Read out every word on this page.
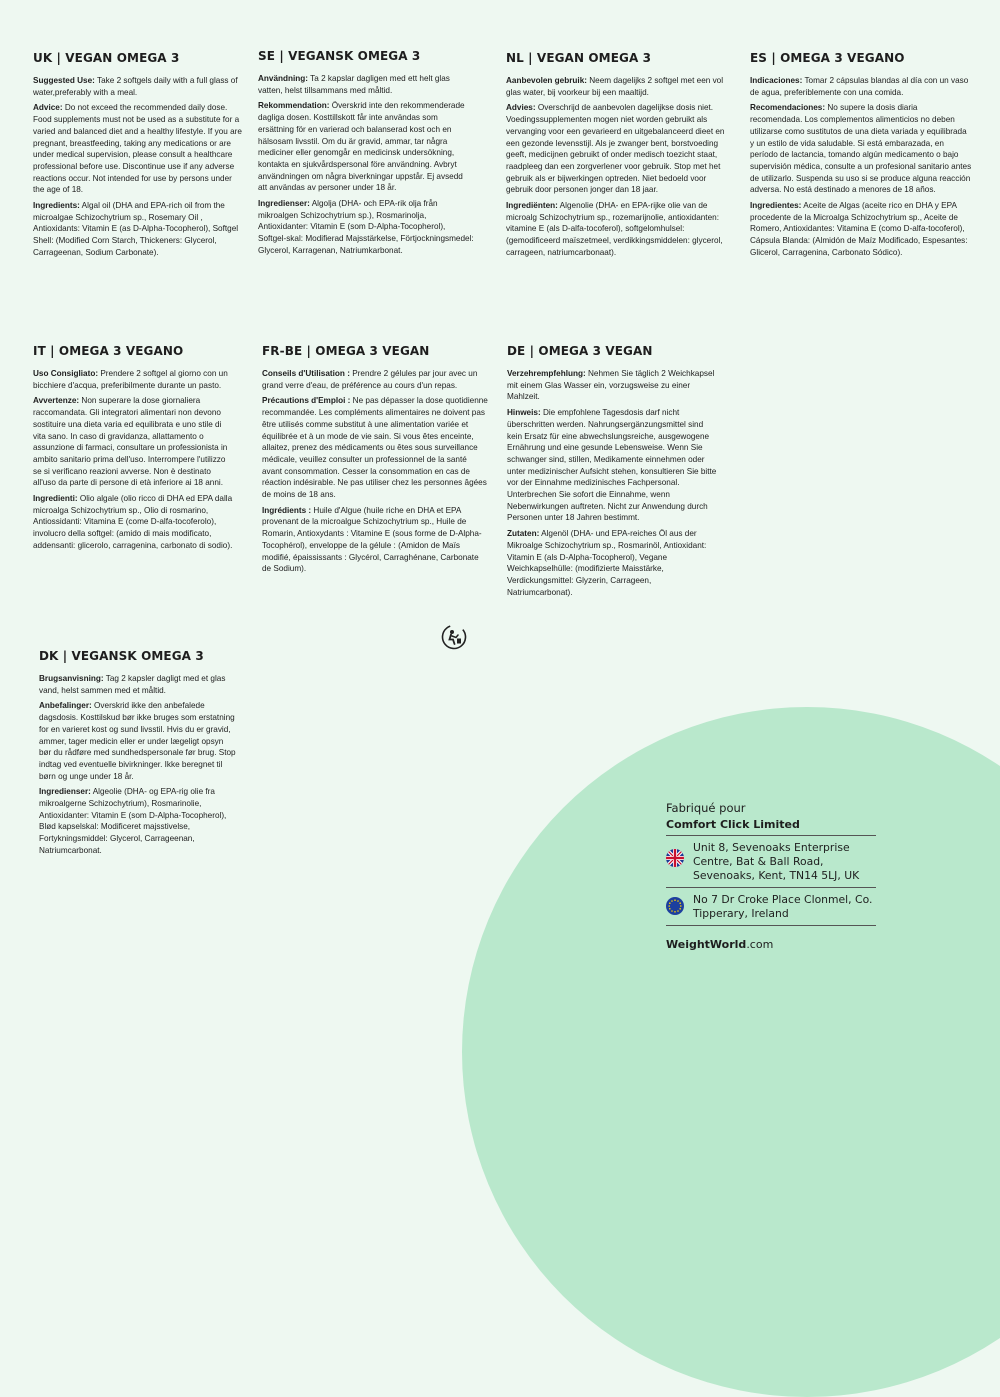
UK | VEGAN OMEGA 3

Suggested Use: Take 2 softgels daily with a full glass of water,preferably with a meal.

Advice: Do not exceed the recommended daily dose. Food supplements must not be used as a substitute for a varied and balanced diet and a healthy lifestyle. If you are pregnant, breastfeeding, taking any medications or are under medical supervision, please consult a healthcare professional before use. Discontinue use if any adverse reactions occur. Not intended for use by persons under the age of 18.

Ingredients: Algal oil (DHA and EPA-rich oil from the microalgae Schizochytrium sp., Rosemary Oil , Antioxidants: Vitamin E (as D-Alpha-Tocopherol), Softgel Shell: (Modified Corn Starch, Thickeners: Glycerol, Carrageenan, Sodium Carbonate).

SE | VEGANSK OMEGA 3

Användning: Ta 2 kapslar dagligen med ett helt glas vatten, helst tillsammans med måltid.

Rekommendation: Överskrid inte den rekommenderade dagliga dosen. Kosttillskott får inte användas som ersättning för en varierad och balanserad kost och en hälsosam livsstil. Om du är gravid, ammar, tar några mediciner eller genomgår en medicinsk undersökning, kontakta en sjukvårdspersonal före användning. Avbryt användningen om några biverkningar uppstår. Ej avsedd att användas av personer under 18 år.

Ingredienser: Algolja (DHA- och EPA-rik olja från mikroalgen Schizochytrium sp.), Rosmarinolja, Antioxidanter: Vitamin E (som D-Alpha-Tocopherol), Softgel-skal: Modifierad Majsstärkelse, Förtjockningsmedel: Glycerol, Karragenan, Natriumkarbonat.

NL | VEGAN OMEGA 3

Aanbevolen gebruik: Neem dagelijks 2 softgel met een vol glas water, bij voorkeur bij een maaltijd.

Advies: Overschrijd de aanbevolen dagelijkse dosis niet. Voedingssupplementen mogen niet worden gebruikt als vervanging voor een gevarieerd en uitgebalanceerd dieet en een gezonde levensstijl. Als je zwanger bent, borstvoeding geeft, medicijnen gebruikt of onder medisch toezicht staat, raadpleeg dan een zorgverlener voor gebruik. Stop met het gebruik als er bijwerkingen optreden. Niet bedoeld voor gebruik door personen jonger dan 18 jaar.

Ingrediënten: Algenolie (DHA- en EPA-rijke olie van de microalg Schizochytrium sp., rozemarijnolie, antioxidanten: vitamine E (als D-alfa-tocoferol), softgelomhulsel: (gemodificeerd maïszetmeel, verdikkingsmiddelen: glycerol, carrageen, natriumcarbonaat).

ES | OMEGA 3 VEGANO

Indicaciones: Tomar 2 cápsulas blandas al día con un vaso de agua, preferiblemente con una comida.

Recomendaciones: No supere la dosis diaria recomendada. Los complementos alimenticios no deben utilizarse como sustitutos de una dieta variada y equilibrada y un estilo de vida saludable. Si está embarazada, en período de lactancia, tomando algún medicamento o bajo supervisión médica, consulte a un profesional sanitario antes de utilizarlo. Suspenda su uso si se produce alguna reacción adversa. No está destinado a menores de 18 años.

Ingredientes: Aceite de Algas (aceite rico en DHA y EPA procedente de la Microalga Schizochytrium sp., Aceite de Romero, Antioxidantes: Vitamina E (como D-alfa-tocoferol), Cápsula Blanda: (Almidón de Maíz Modificado, Espesantes: Glicerol, Carragenina, Carbonato Sódico).

IT | OMEGA 3 VEGANO

Uso Consigliato: Prendere 2 softgel al giorno con un bicchiere d'acqua, preferibilmente durante un pasto.

Avvertenze: Non superare la dose giornaliera raccomandata. Gli integratori alimentari non devono sostituire una dieta varia ed equilibrata e uno stile di vita sano. In caso di gravidanza, allattamento o assunzione di farmaci, consultare un professionista in ambito sanitario prima dell'uso. Interrompere l'utilizzo se si verificano reazioni avverse. Non è destinato all'uso da parte di persone di età inferiore ai 18 anni.

Ingredienti: Olio algale (olio ricco di DHA ed EPA dalla microalga Schizochytrium sp., Olio di rosmarino, Antiossidanti: Vitamina E (come D-alfa-tocoferolo), involucro della softgel: (amido di mais modificato, addensanti: glicerolo, carragenina, carbonato di sodio).

FR-BE | OMEGA 3 VEGAN

Conseils d'Utilisation : Prendre 2 gélules par jour avec un grand verre d'eau, de préférence au cours d'un repas.

Précautions d'Emploi : Ne pas dépasser la dose quotidienne recommandée. Les compléments alimentaires ne doivent pas être utilisés comme substitut à une alimentation variée et équilibrée et à un mode de vie sain. Si vous êtes enceinte, allaitez, prenez des médicaments ou êtes sous surveillance médicale, veuillez consulter un professionnel de la santé avant consommation. Cesser la consommation en cas de réaction indésirable. Ne pas utiliser chez les personnes âgées de moins de 18 ans.

Ingrédients : Huile d'Algue (huile riche en DHA et EPA provenant de la microalgue Schizochytrium sp., Huile de Romarin, Antioxydants : Vitamine E (sous forme de D-Alpha-Tocophérol), enveloppe de la gélule : (Amidon de Maïs modifié, épaississants : Glycérol, Carraghénane, Carbonate de Sodium).

DE | OMEGA 3 VEGAN

Verzehrempfehlung: Nehmen Sie täglich 2 Weichkapsel mit einem Glas Wasser ein, vorzugsweise zu einer Mahlzeit.

Hinweis: Die empfohlene Tagesdosis darf nicht überschritten werden. Nahrungsergänzungsmittel sind kein Ersatz für eine abwechslungsreiche, ausgewogene Ernährung und eine gesunde Lebensweise. Wenn Sie schwanger sind, stillen, Medikamente einnehmen oder unter medizinischer Aufsicht stehen, konsultieren Sie bitte vor der Einnahme medizinisches Fachpersonal. Unterbrechen Sie sofort die Einnahme, wenn Nebenwirkungen auftreten. Nicht zur Anwendung durch Personen unter 18 Jahren bestimmt.

Zutaten: Algenöl (DHA- und EPA-reiches Öl aus der Mikroalge Schizochytrium sp., Rosmarinöl, Antioxidant: Vitamin E (als D-Alpha-Tocopherol), Vegane Weichkapselhülle: (modifizierte Maisstärke, Verdickungsmittel: Glyzerin, Carrageen, Natriumcarbonat).

DK | VEGANSK OMEGA 3

Brugsanvisning: Tag 2 kapsler dagligt med et glas vand, helst sammen med et måltid.

Anbefalinger: Overskrid ikke den anbefalede dagsdosis. Kosttilskud bør ikke bruges som erstatning for en varieret kost og sund livsstil. Hvis du er gravid, ammer, tager medicin eller er under lægeligt opsyn bør du rådføre med sundhedspersonale før brug. Stop indtag ved eventuelle bivirkninger. Ikke beregnet til børn og unge under 18 år.

Ingredienser: Algeolie (DHA- og EPA-rig olie fra mikroalgerne Schizochytrium), Rosmarinolie, Antioxidanter: Vitamin E (som D-Alpha-Tocopherol), Blød kapselskal: Modificeret majsstivelse, Fortykningsmiddel: Glycerol, Carrageenan, Natriumcarbonat.

Fabriqué pour
Comfort Click Limited
Unit 8, Sevenoaks Enterprise Centre, Bat & Ball Road, Sevenoaks, Kent, TN14 5LJ, UK
No 7 Dr Croke Place Clonmel, Co. Tipperary, Ireland
WeightWorld.com
